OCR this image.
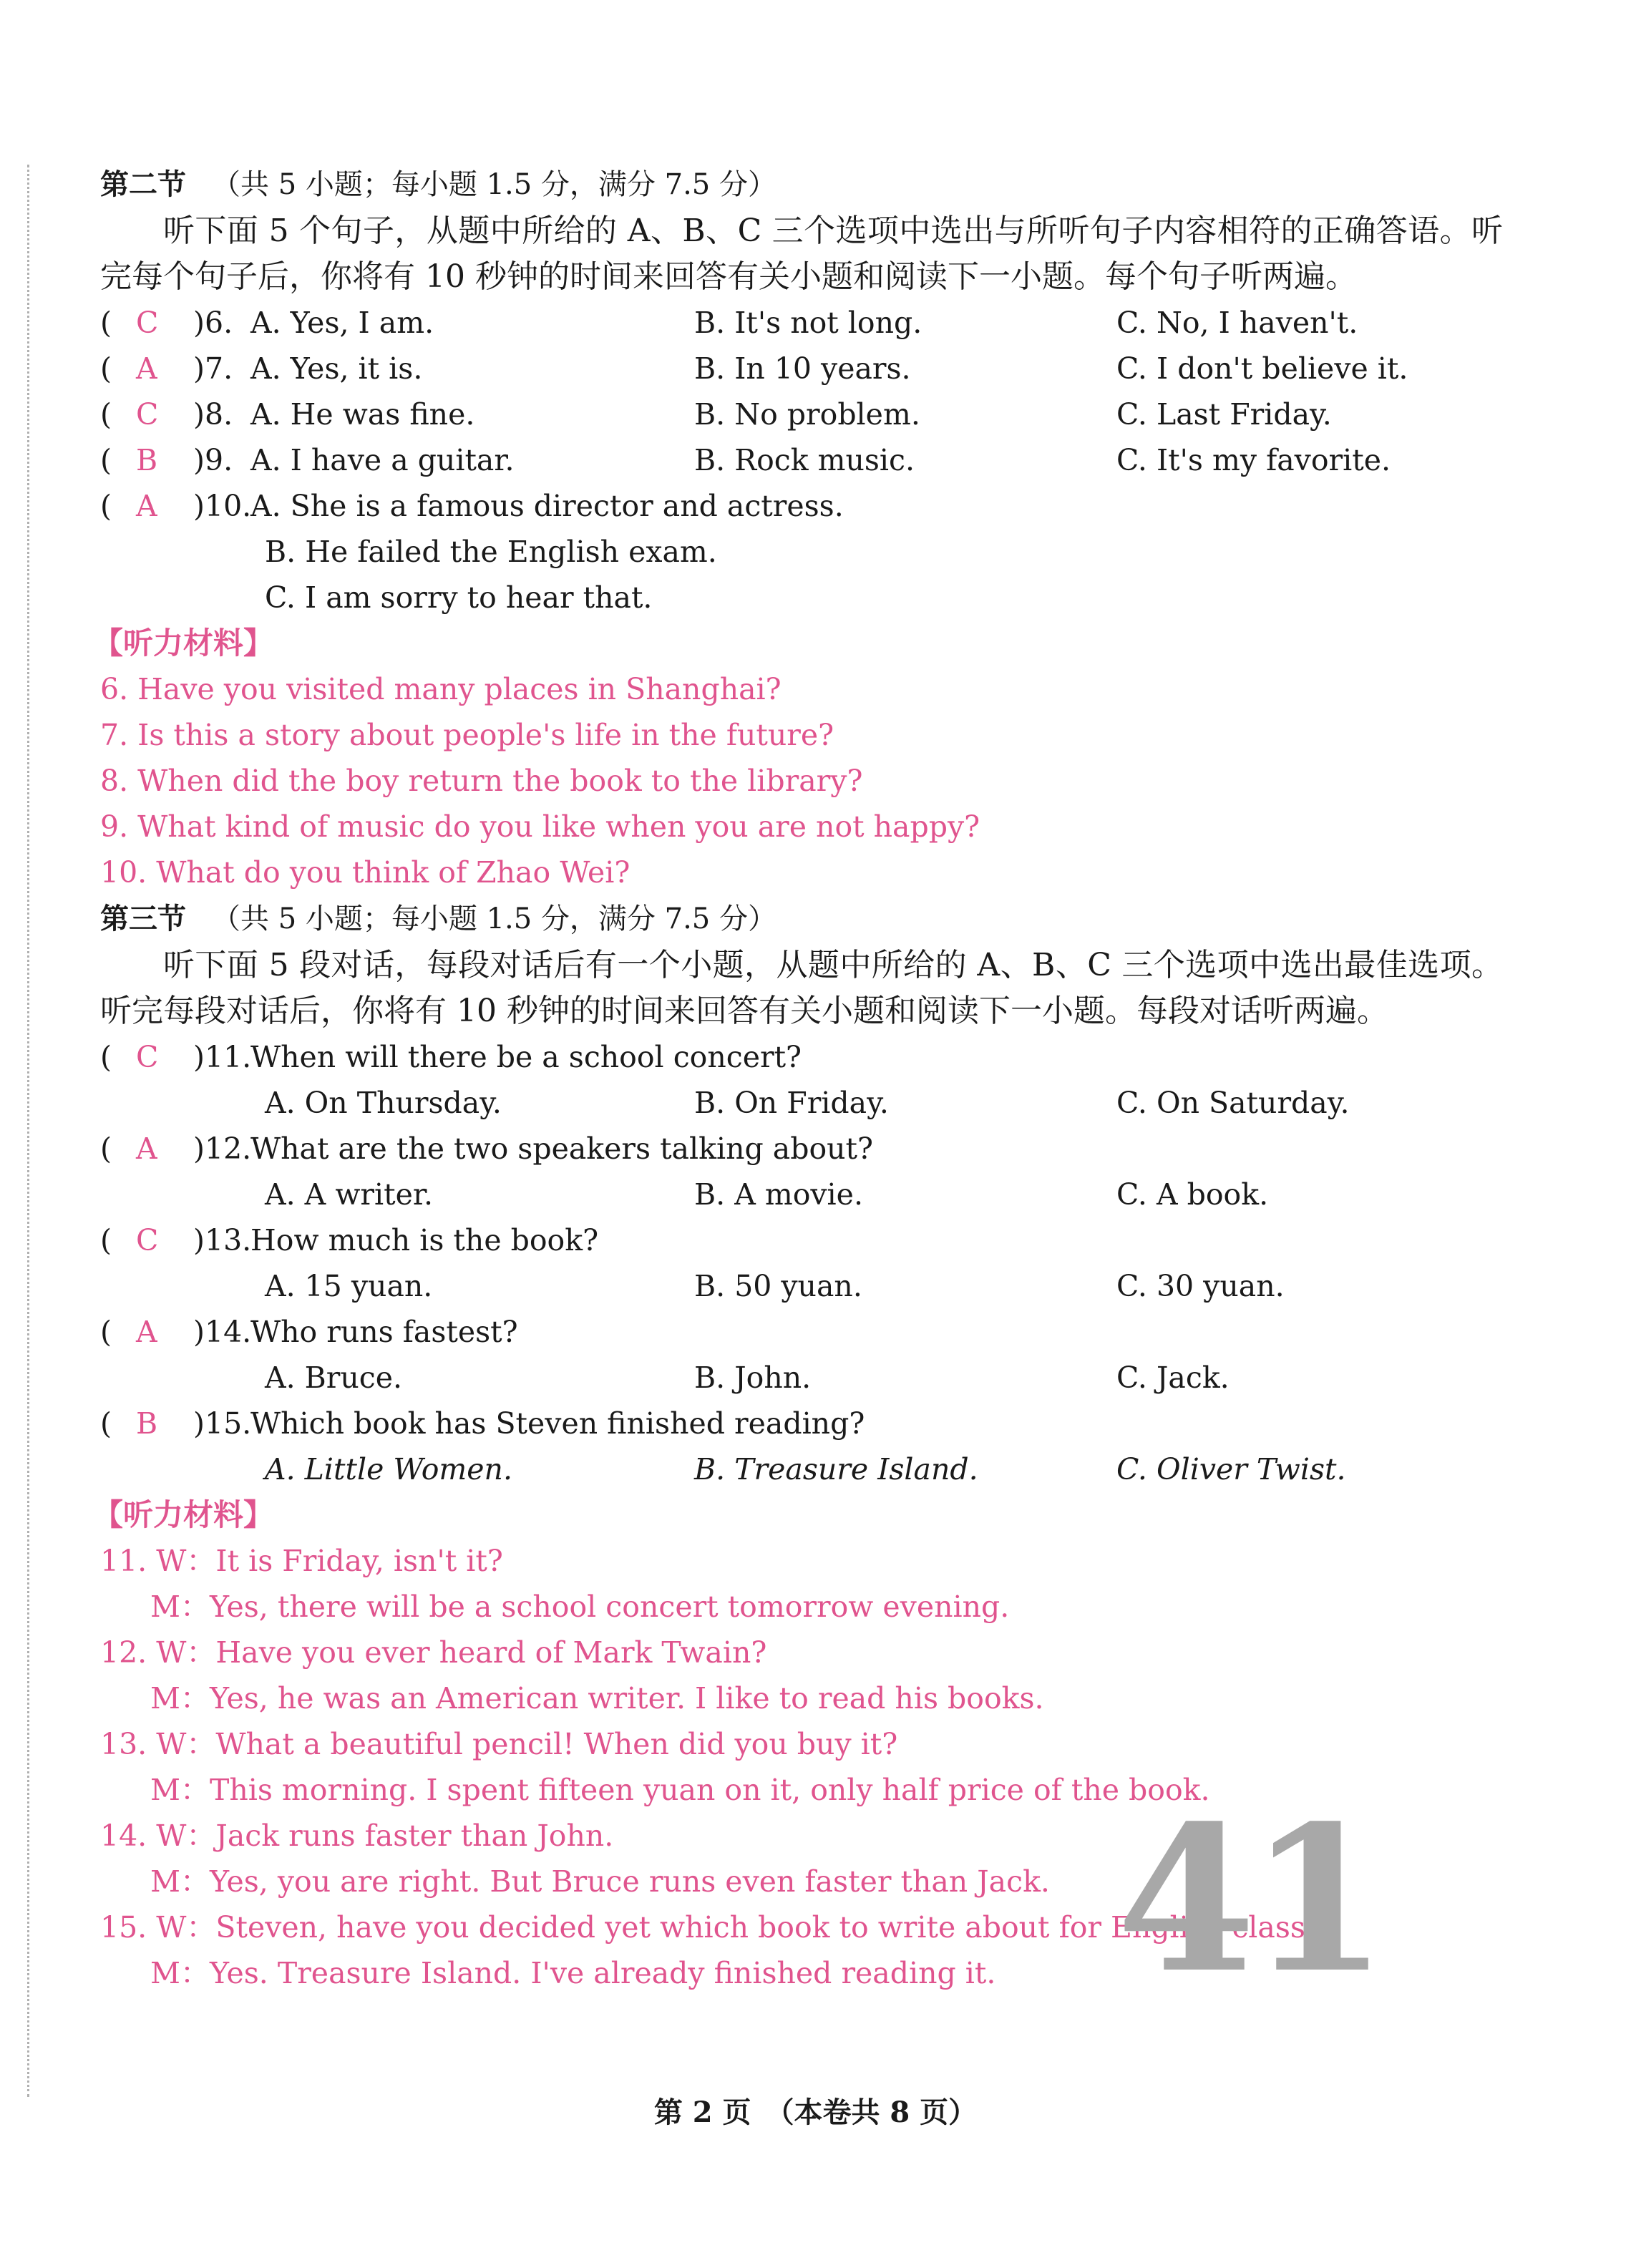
第二节 （共 5 小题；每小题 1.5 分，满分 7.5 分）
听下面 5 个句子，从题中所给的 A、B、C 三个选项中选出与所听句子内容相符的正确答语。听完每个句子后，你将有 10 秒钟的时间来回答有关小题和阅读下一小题。每个句子听两遍。
( C )6. A. Yes, I am.	B. It's not long.	C. No, I haven't.
( A )7. A. Yes, it is.	B. In 10 years.	C. I don't believe it.
( C )8. A. He was fine.	B. No problem.	C. Last Friday.
( B )9. A. I have a guitar.	B. Rock music.	C. It's my favorite.
( A )10.
A. She is a famous director and actress.
B. He failed the English exam.
C. I am sorry to hear that.
【听力材料】
6. Have you visited many places in Shanghai?
7. Is this a story about people's life in the future?
8. When did the boy return the book to the library?
9. What kind of music do you like when you are not happy?
10. What do you think of Zhao Wei?
第三节 （共 5 小题；每小题 1.5 分，满分 7.5 分）
听下面 5 段对话，每段对话后有一个小题，从题中所给的 A、B、C 三个选项中选出最佳选项。听完每段对话后，你将有 10 秒钟的时间来回答有关小题和阅读下一小题。每段对话听两遍。
( C )11.
When will there be a school concert?
A. On Thursday.	B. On Friday.	C. On Saturday.
( A )12.
What are the two speakers talking about?
A. A writer.	B. A movie.	C. A book.
( C )13.
How much is the book?
A. 15 yuan.	B. 50 yuan.	C. 30 yuan.
( A )14.
Who runs fastest?
A. Bruce.	B. John.	C. Jack.
( B )15.
Which book has Steven finished reading?
A. Little Women.	B. Treasure Island.	C. Oliver Twist.
【听力材料】
11. W：It is Friday, isn't it?
M：Yes, there will be a school concert tomorrow evening.
12. W：Have you ever heard of Mark Twain?
M：Yes, he was an American writer. I like to read his books.
13. W：What a beautiful pencil! When did you buy it?
M：This morning. I spent fifteen yuan on it, only half price of the book.
14. W：Jack runs faster than John.
M：Yes, you are right. But Bruce runs even faster than Jack.
15. W：Steven, have you decided yet which book to write about for English class?
M：Yes. Treasure Island. I've already finished reading it. 41
第 2 页　（本卷共 8 页）
